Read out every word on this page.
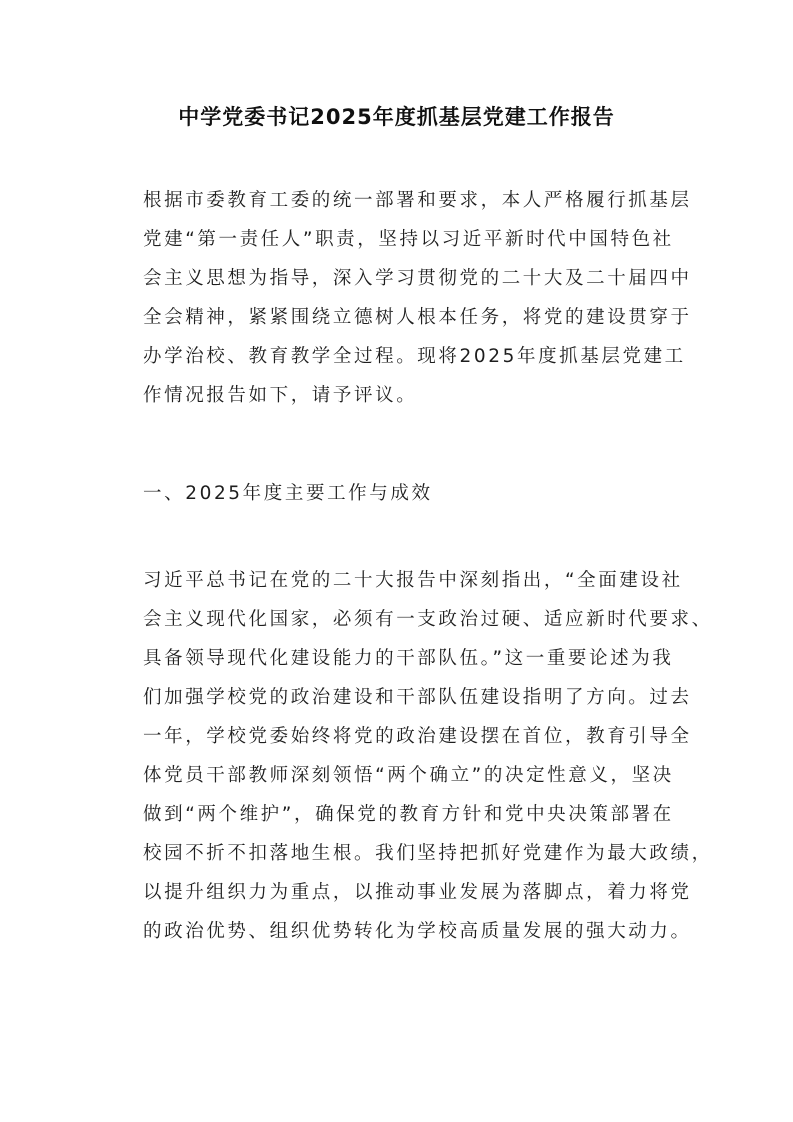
中学党委书记2025年度抓基层党建工作报告
根据市委教育工委的统一部署和要求，本人严格履行抓基层
党建“第一责任人”职责，坚持以习近平新时代中国特色社
会主义思想为指导，深入学习贯彻党的二十大及二十届四中
全会精神，紧紧围绕立德树人根本任务，将党的建设贯穿于
办学治校、教育教学全过程。现将2025年度抓基层党建工
作情况报告如下，请予评议。
一、2025年度主要工作与成效
习近平总书记在党的二十大报告中深刻指出，“全面建设社
会主义现代化国家，必须有一支政治过硬、适应新时代要求、
具备领导现代化建设能力的干部队伍。”这一重要论述为我
们加强学校党的政治建设和干部队伍建设指明了方向。过去
一年，学校党委始终将党的政治建设摆在首位，教育引导全
体党员干部教师深刻领悟“两个确立”的决定性意义，坚决
做到“两个维护”，确保党的教育方针和党中央决策部署在
校园不折不扣落地生根。我们坚持把抓好党建作为最大政绩，
以提升组织力为重点，以推动事业发展为落脚点，着力将党
的政治优势、组织优势转化为学校高质量发展的强大动力。
